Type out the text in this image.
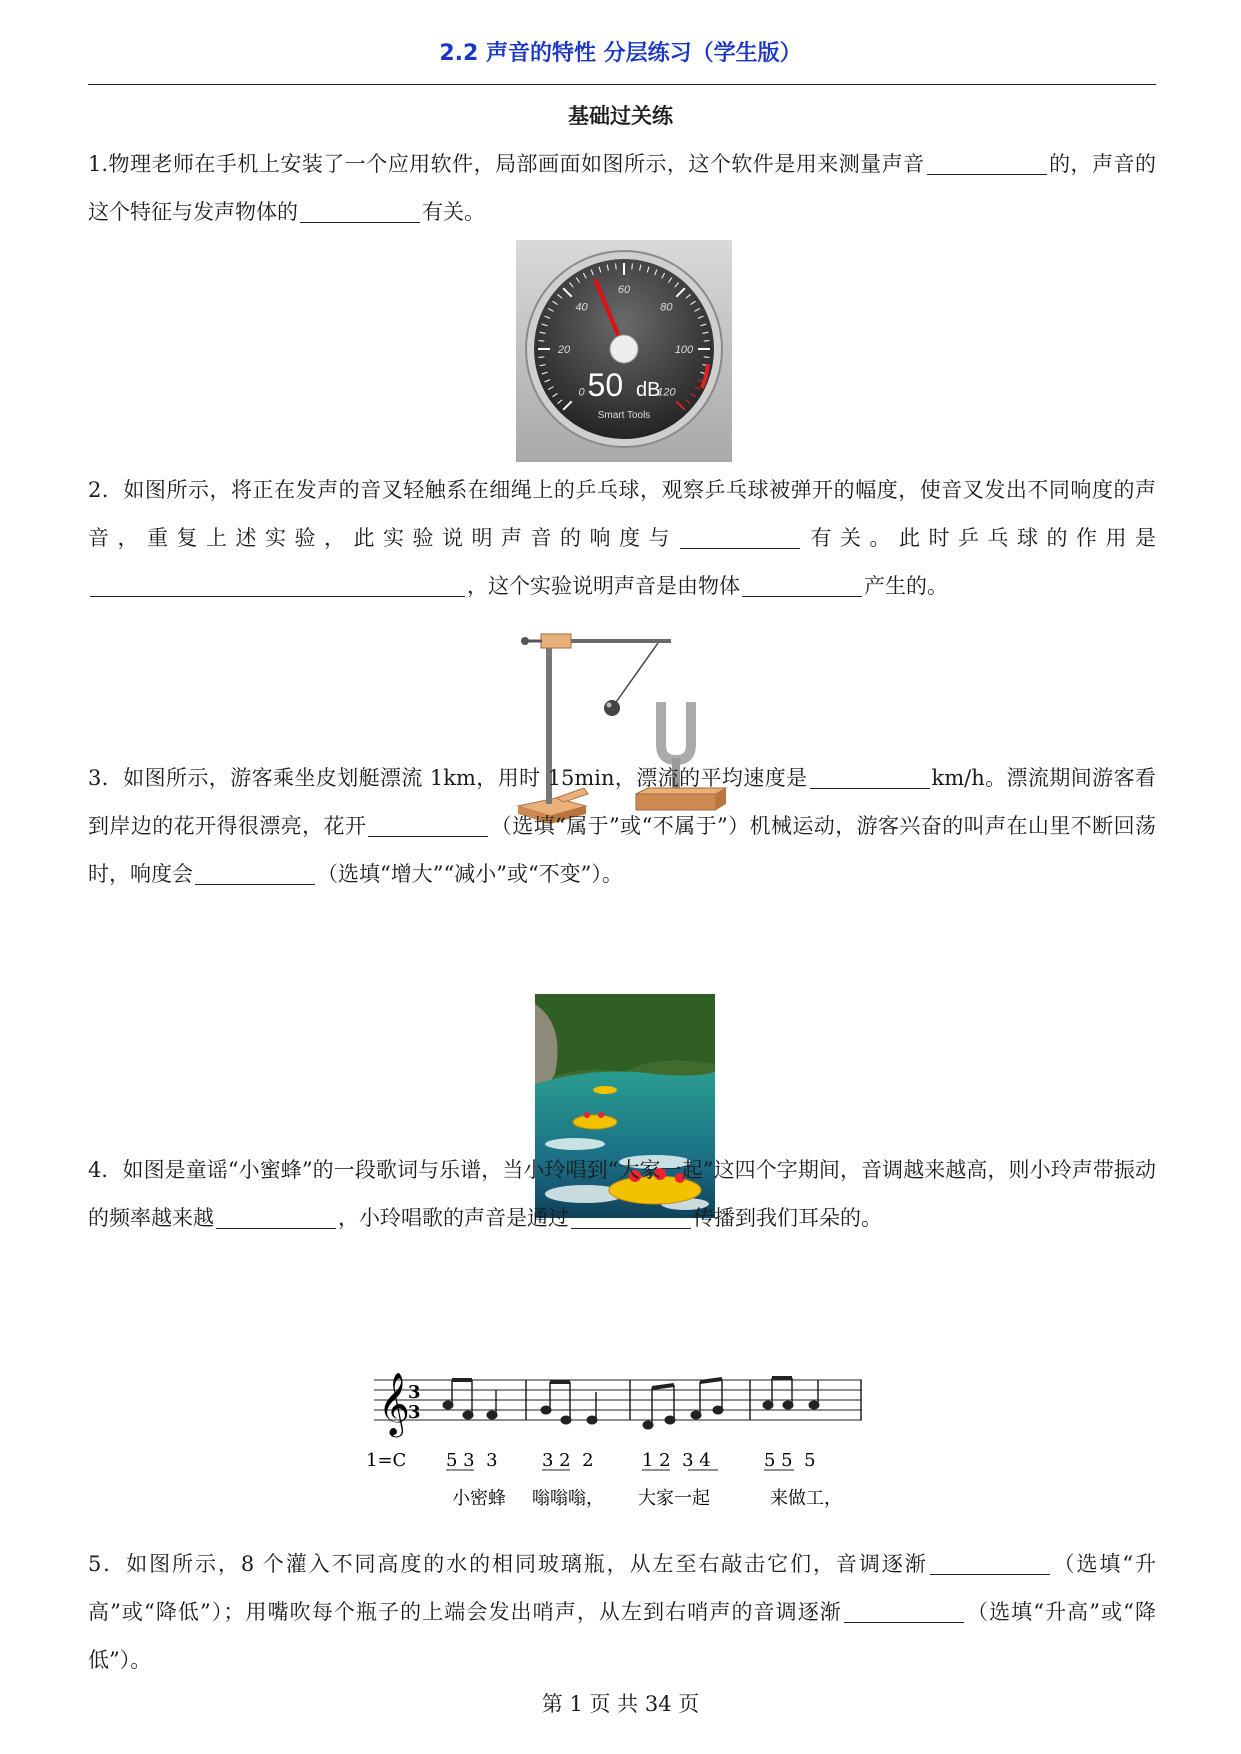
2.2 声音的特性 分层练习（学生版）
基础过关练
1.物理老师在手机上安装了一个应用软件，局部画面如图所示，这个软件是用来测量声音	的，声音的这个特征与发声物体的	有关。
0
20
40
60
80
100
120
50 dB
Smart Tools
2．如图所示，将正在发声的音叉轻触系在细绳上的乒乓球，观察乒乓球被弹开的幅度，使音叉发出不同响度的声音，重复上述实验，此实验说明声音的响度与	有关。此时乒乓球的作用是，这个实验说明声音是由物体	产生的。
3．如图所示，游客乘坐皮划艇漂流 1km，用时 15min，漂流的平均速度是	km/h。漂流期间游客看到岸边的花开得很漂亮，花开	（选填“属于”或“不属于”）机械运动，游客兴奋的叫声在山里不断回荡时，响度会	（选填“增大”“减小”或“不变”）。
4．如图是童谣“小蜜蜂”的一段歌词与乐谱，当小玲唱到“大家一起”这四个字期间，音调越来越高，则小玲声带振动的频率越来越	，小玲唱歌的声音是通过	传播到我们耳朵的。
𝄞
3
3
1=C 5 3  3 3 2  2	1 2  3 4	5 5  5
小密蜂 嗡嗡嗡， 大家一起	来做工，
5．如图所示，8 个灌入不同高度的水的相同玻璃瓶，从左至右敲击它们，音调逐渐	（选填“升高”或“降低”）；用嘴吹每个瓶子的上端会发出哨声，从左到右哨声的音调逐渐	（选填“升高”或“降低”）。
第 1 页 共 34 页
